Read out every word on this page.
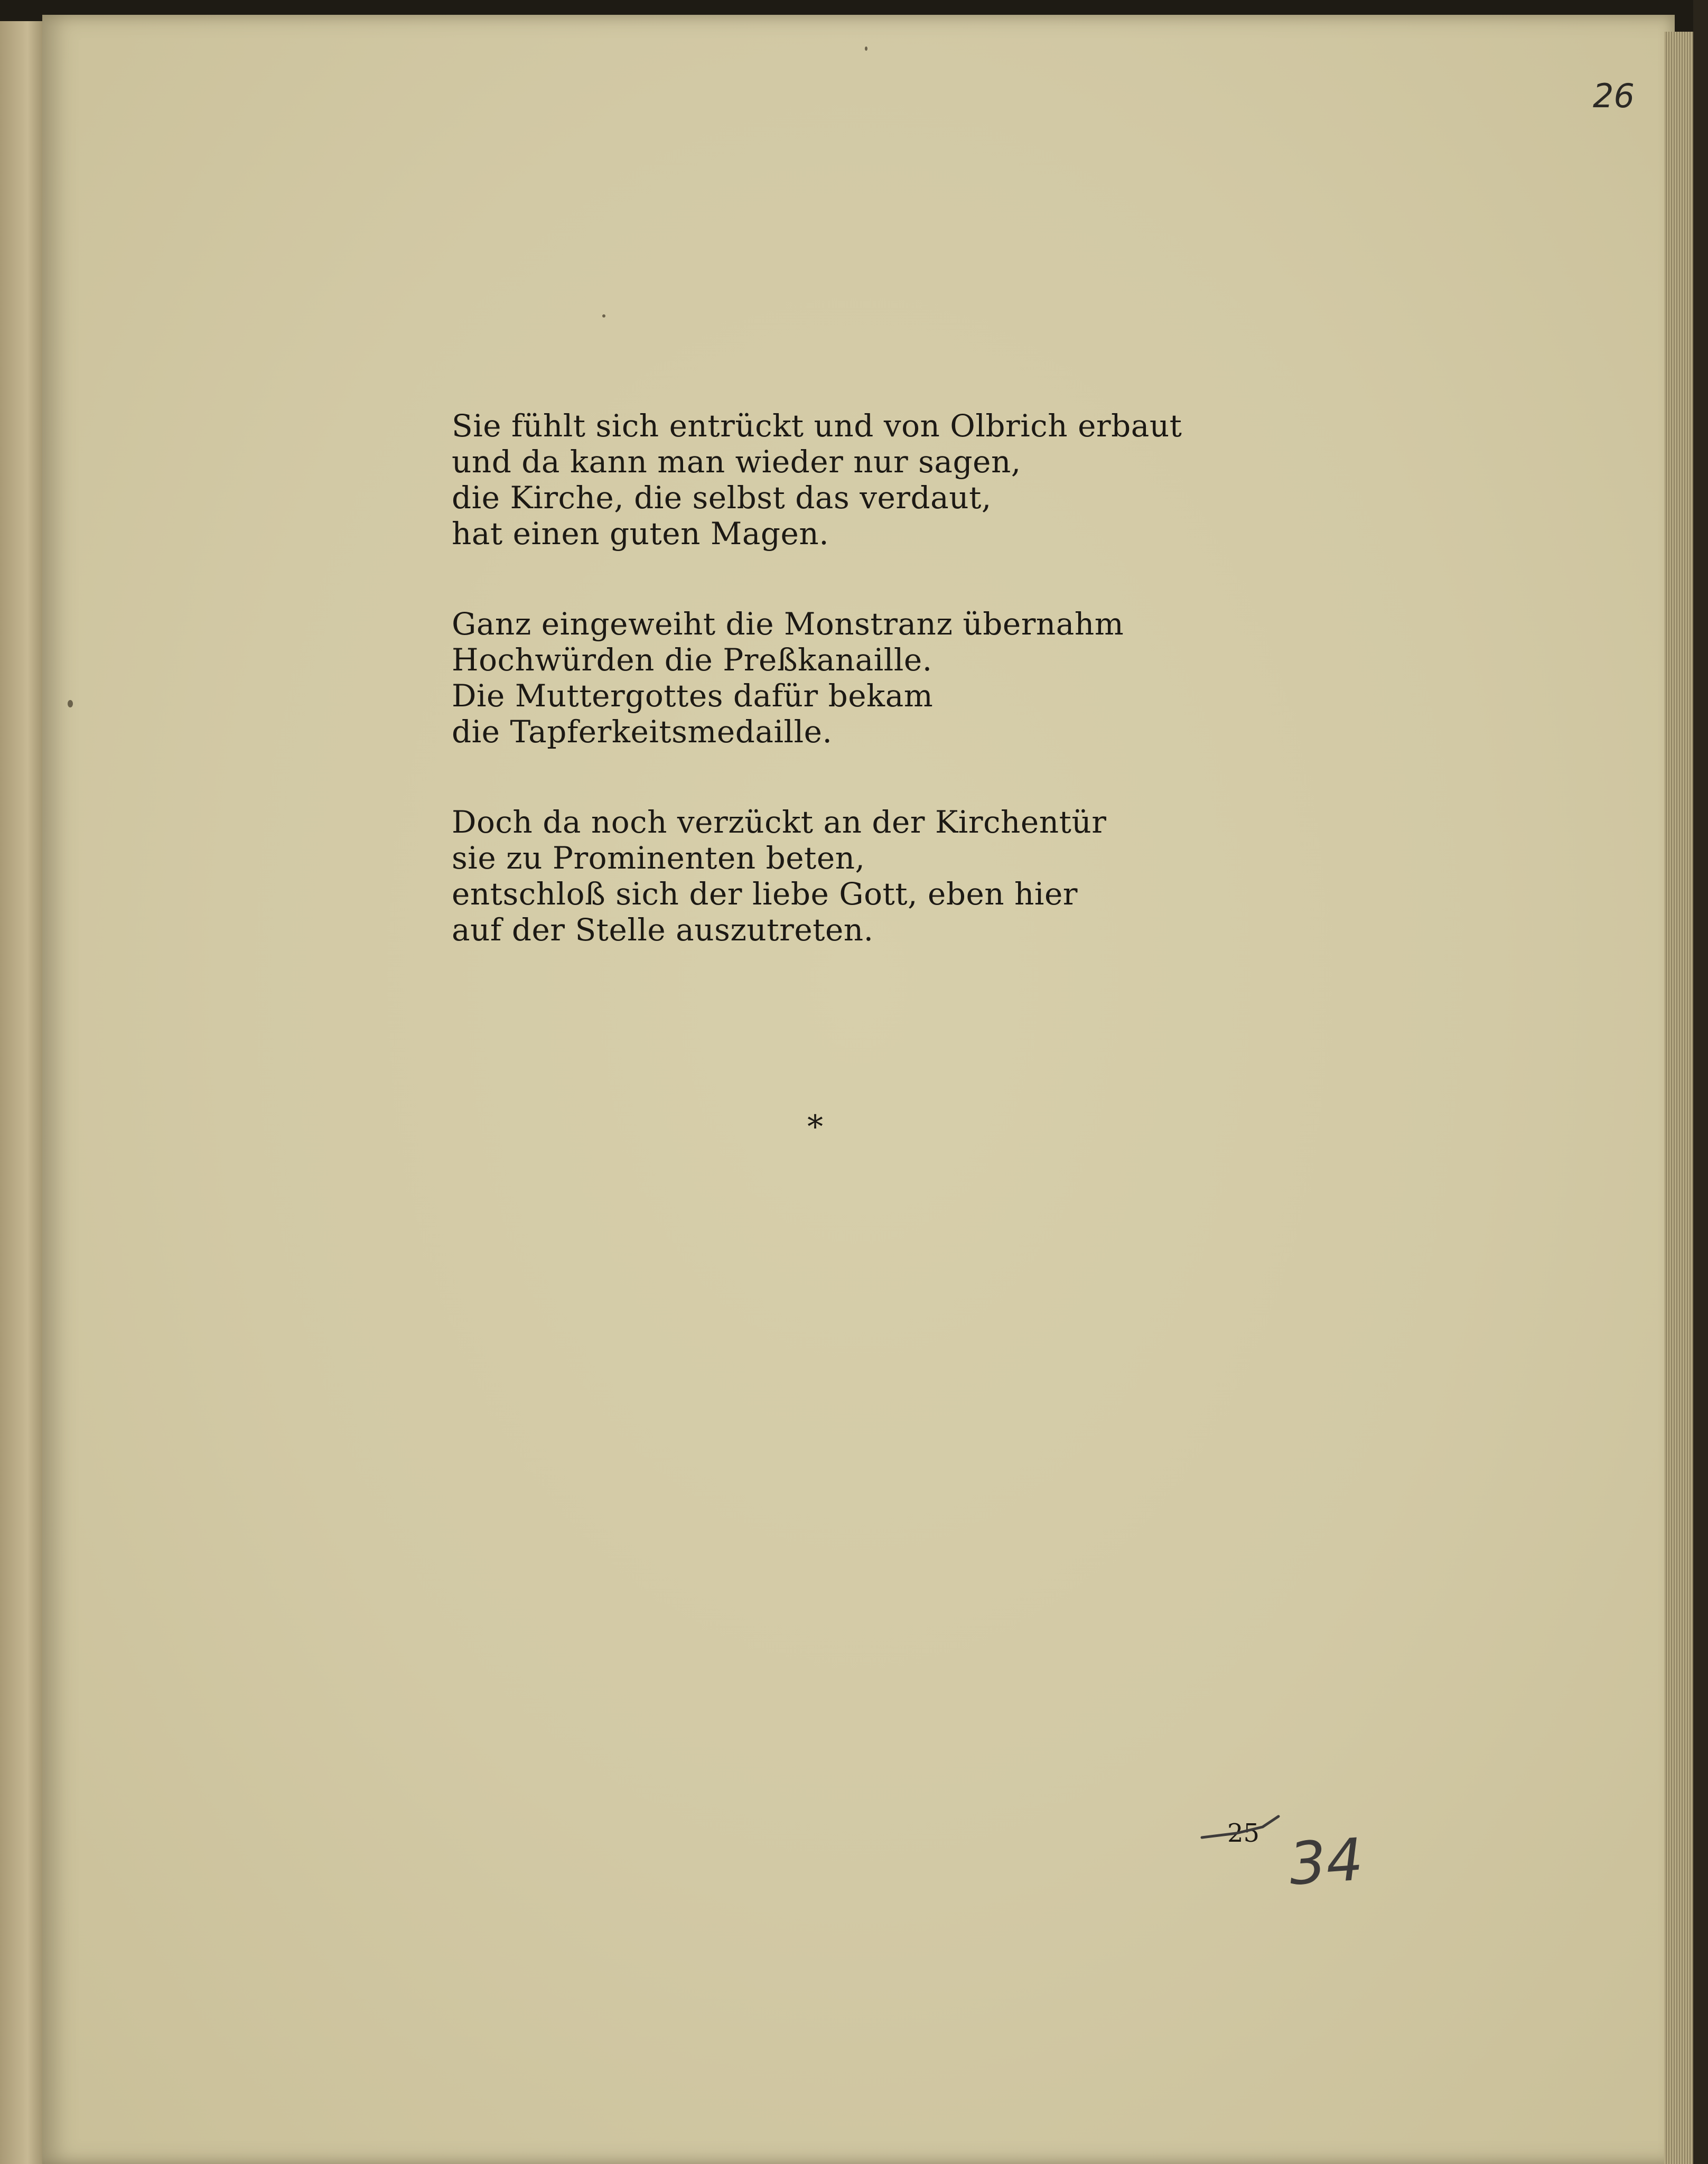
26
Sie fühlt sich entrückt und von Olbrich erbaut
und da kann man wieder nur sagen,
die Kirche, die selbst das verdaut,
hat einen guten Magen.
Ganz eingeweiht die Monstranz übernahm
Hochwürden die Preßkanaille.
Die Muttergottes dafür bekam
die Tapferkeitsmedaille.
Doch da noch verzückt an der Kirchentür
sie zu Prominenten beten,
entschloß sich der liebe Gott, eben hier
auf der Stelle auszutreten.
*
25 34
